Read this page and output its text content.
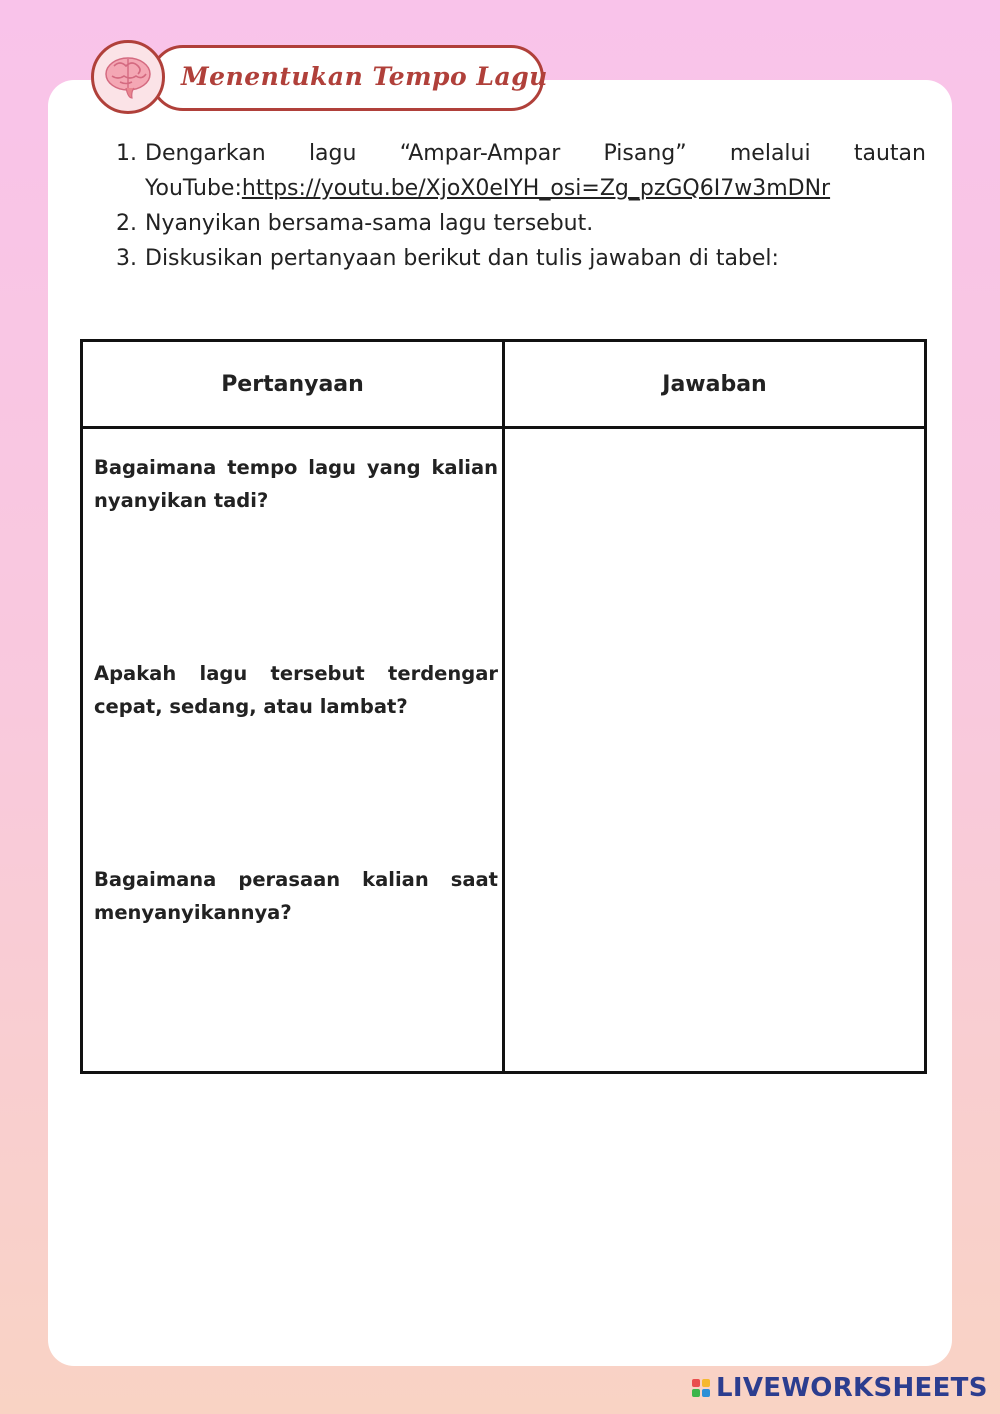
Menentukan Tempo Lagu
1. Dengarkan lagu “Ampar-Ampar Pisang” melalui tautan
YouTube:https://youtu.be/XjoX0eIYH_osi=Zg_pzGQ6I7w3mDNr
2. Nyanyikan bersama-sama lagu tersebut.
3. Diskusikan pertanyaan berikut dan tulis jawaban di tabel:
Pertanyaan	Jawaban

Bagaimana tempo lagu yang kalian nyanyikan tadi?
Apakah lagu tersebut terdengar cepat, sedang, atau lambat?
Bagaimana perasaan kalian saat menyanyikannya?	

LIVEWORKSHEETS
